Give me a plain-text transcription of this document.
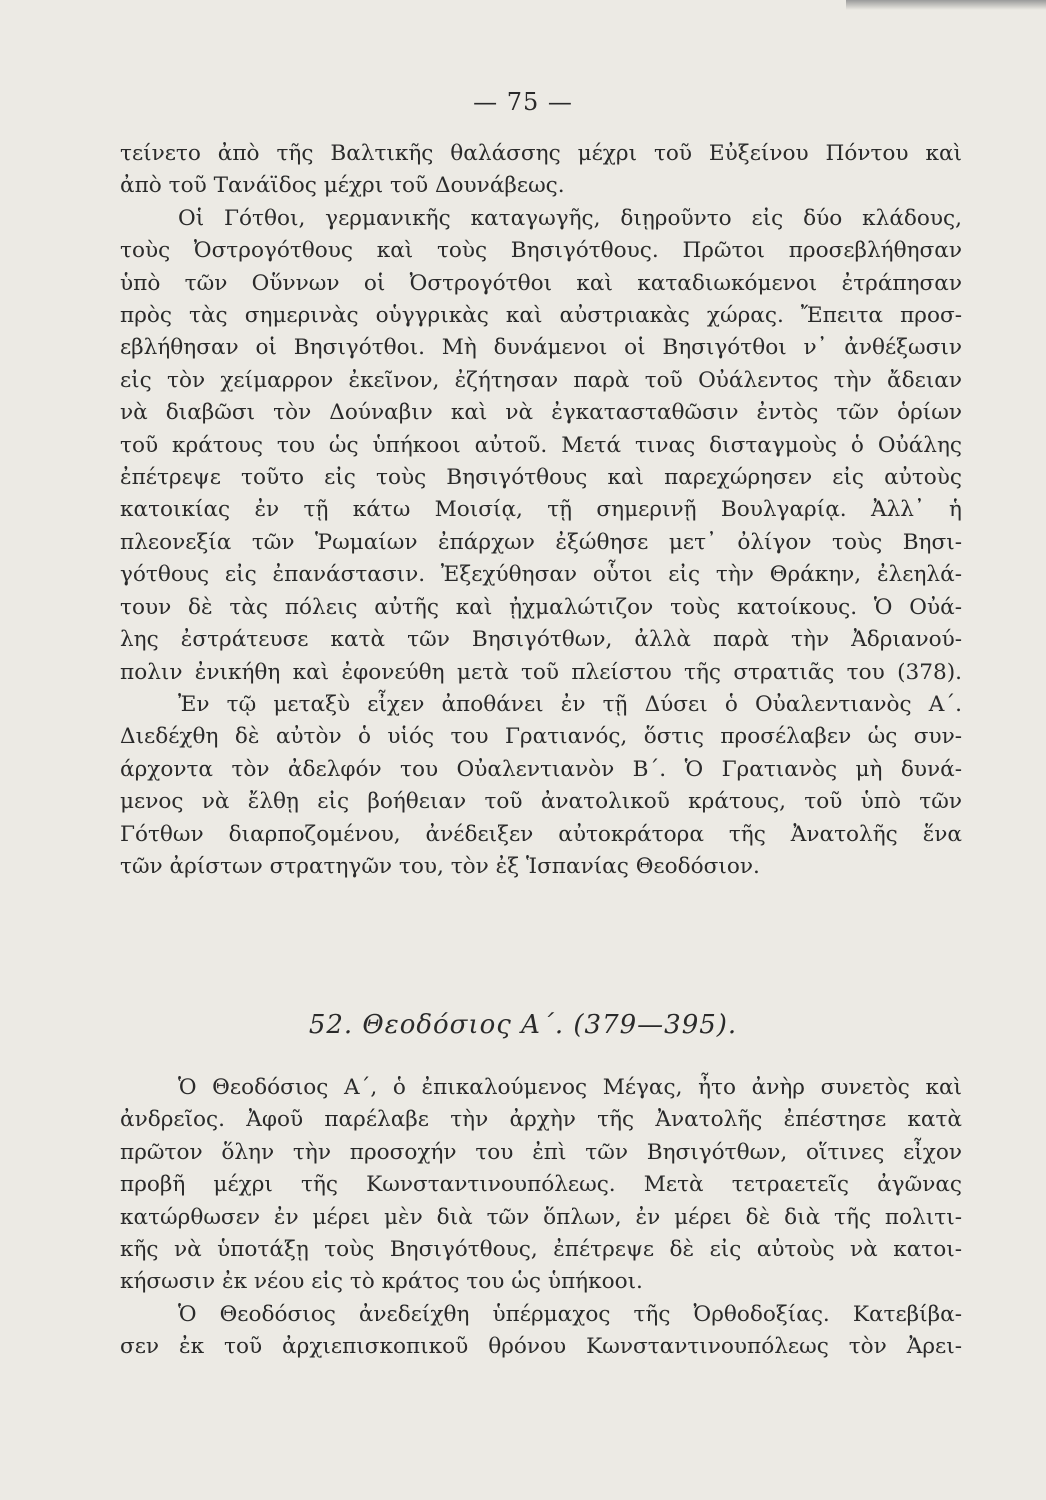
— 75 —
τείνετο ἀπὸ τῆς Βαλτικῆς θαλάσσης μέχρι τοῦ Εὐξείνου Πόντου καὶ
ἀπὸ τοῦ Τανάϊδος μέχρι τοῦ Δουνάβεως.
Οἱ Γότθοι, γερμανικῆς καταγωγῆς, διῃροῦντο εἰς δύο κλάδους,
τοὺς Ὀστρογότθους καὶ τοὺς Βησιγότθους. Πρῶτοι προσεβλήθησαν
ὑπὸ τῶν Οὕννων οἱ Ὀστρογότθοι καὶ καταδιωκόμενοι ἐτράπησαν
πρὸς τὰς σημερινὰς οὑγγρικὰς καὶ αὐστριακὰς χώρας. Ἔπειτα προσ-
εβλήθησαν οἱ Βησιγότθοι. Μὴ δυνάμενοι οἱ Βησιγότθοι ν᾽ ἀνθέξωσιν
εἰς τὸν χείμαρρον ἐκεῖνον, ἐζήτησαν παρὰ τοῦ Οὐάλεντος τὴν ἄδειαν
νὰ διαβῶσι τὸν Δούναβιν καὶ νὰ ἐγκατασταθῶσιν ἐντὸς τῶν ὁρίων
τοῦ κράτους του ὡς ὑπήκοοι αὐτοῦ. Μετά τινας δισταγμοὺς ὁ Οὐάλης
ἐπέτρεψε τοῦτο εἰς τοὺς Βησιγότθους καὶ παρεχώρησεν εἰς αὐτοὺς
κατοικίας ἐν τῇ κάτω Μοισίᾳ, τῇ σημερινῇ Βουλγαρίᾳ. Ἀλλ᾽ ἡ
πλεονεξία τῶν Ῥωμαίων ἐπάρχων ἐξώθησε μετ᾽ ὀλίγον τοὺς Βησι-
γότθους εἰς ἐπανάστασιν. Ἐξεχύθησαν οὗτοι εἰς τὴν Θράκην, ἐλεηλά-
τουν δὲ τὰς πόλεις αὐτῆς καὶ ᾐχμαλώτιζον τοὺς κατοίκους. Ὁ Οὐά-
λης ἐστράτευσε κατὰ τῶν Βησιγότθων, ἀλλὰ παρὰ τὴν Ἀδριανού-
πολιν ἐνικήθη καὶ ἐφονεύθη μετὰ τοῦ πλείστου τῆς στρατιᾶς του (378).
Ἐν τῷ μεταξὺ εἶχεν ἀποθάνει ἐν τῇ Δύσει ὁ Οὐαλεντιανὸς Α΄.
Διεδέχθη δὲ αὐτὸν ὁ υἱός του Γρατιανός, ὅστις προσέλαβεν ὡς συν-
άρχοντα τὸν ἀδελφόν του Οὐαλεντιανὸν Β΄. Ὁ Γρατιανὸς μὴ δυνά-
μενος νὰ ἔλθῃ εἰς βοήθειαν τοῦ ἀνατολικοῦ κράτους, τοῦ ὑπὸ τῶν
Γότθων διαρποζομένου, ἀνέδειξεν αὐτοκράτορα τῆς Ἀνατολῆς ἕνα
τῶν ἀρίστων στρατηγῶν του, τὸν ἐξ Ἱσπανίας Θεοδόσιον.
52. Θεοδόσιος Α΄. (379—395).
Ὁ Θεοδόσιος Α΄, ὁ ἐπικαλούμενος Μέγας, ἦτο ἀνὴρ συνετὸς καὶ
ἀνδρεῖος. Ἀφοῦ παρέλαβε τὴν ἀρχὴν τῆς Ἀνατολῆς ἐπέστησε κατὰ
πρῶτον ὅλην τὴν προσοχήν του ἐπὶ τῶν Βησιγότθων, οἵτινες εἶχον
προβῆ μέχρι τῆς Κωνσταντινουπόλεως. Μετὰ τετραετεῖς ἀγῶνας
κατώρθωσεν ἐν μέρει μὲν διὰ τῶν ὅπλων, ἐν μέρει δὲ διὰ τῆς πολιτι-
κῆς νὰ ὑποτάξῃ τοὺς Βησιγότθους, ἐπέτρεψε δὲ εἰς αὐτοὺς νὰ κατοι-
κήσωσιν ἐκ νέου εἰς τὸ κράτος του ὡς ὑπήκοοι.
Ὁ Θεοδόσιος ἀνεδείχθη ὑπέρμαχος τῆς Ὀρθοδοξίας. Κατεβίβα-
σεν ἐκ τοῦ ἀρχιεπισκοπικοῦ θρόνου Κωνσταντινουπόλεως τὸν Ἀρει-
